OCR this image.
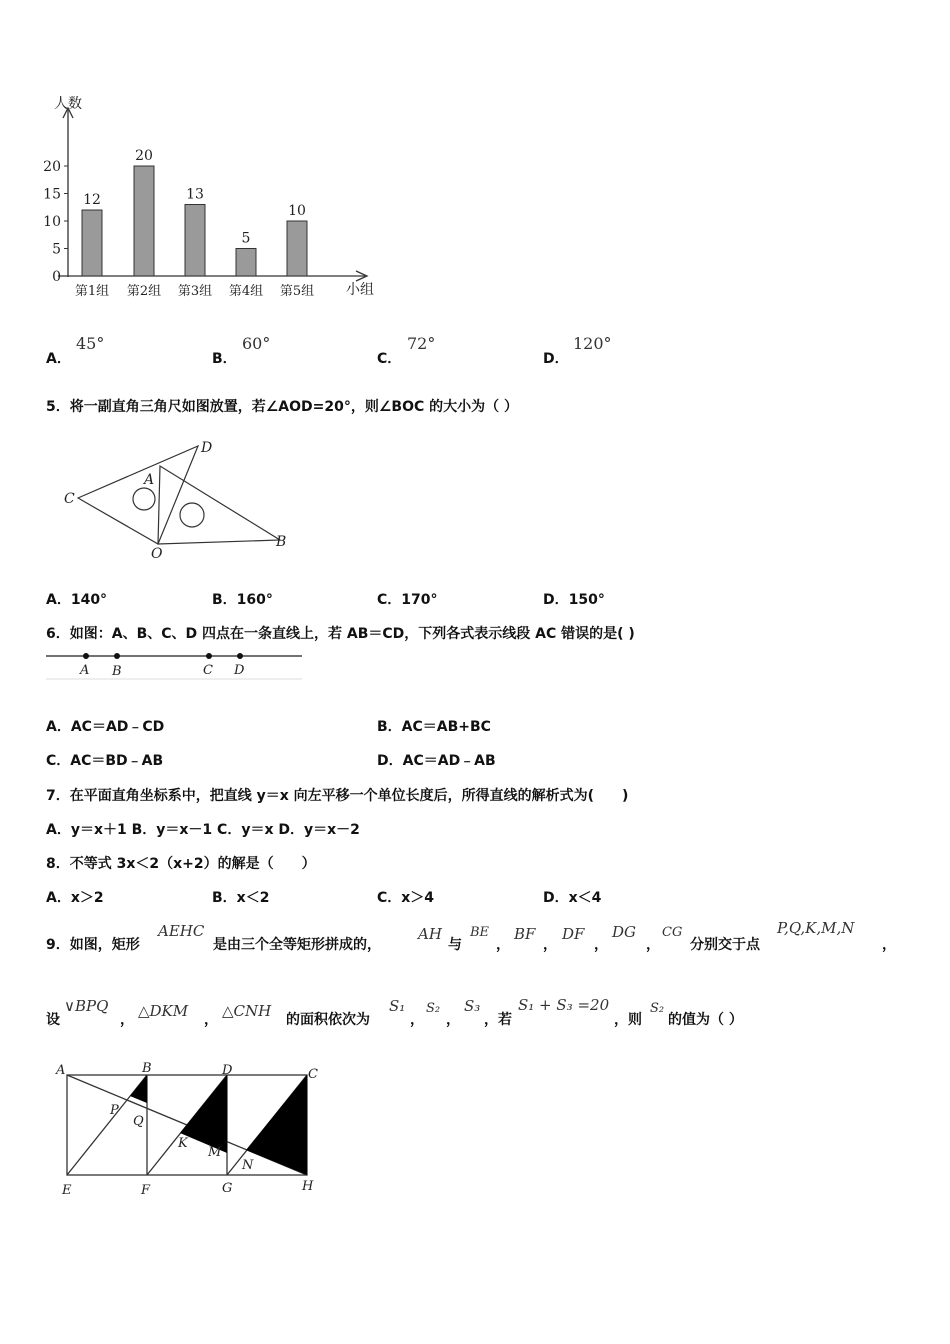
人数
小组
0
5
10
15
20
12
第1组
20
第2组
13
第3组
5
第4组
10
第5组
A．
45°
B．
60°
C．
72°
D．
120°
5．将一副直角三角尺如图放置，若∠AOD=20°，则∠BOC 的大小为（ ）
C
D
A
O
B
A．140°	B．160°	C．170°	D．150°
6．如图：A、B、C、D 四点在一条直线上，若 AB＝CD，下列各式表示线段 AC 错误的是( )
A B	C D
A．AC＝AD﹣CD	B．AC＝AB+BC
C．AC＝BD﹣AB	D．AC＝AD﹣AB
7．在平面直角坐标系中，把直线 y＝x 向左平移一个单位长度后，所得直线的解析式为(　　)
A．y＝x＋1 B．y＝x－1 C．y＝x D．y＝x－2
8．不等式 3x＜2（x+2）的解是（　　）
A．x＞2	B．x＜2	C．x＞4	D．x＜4
9．如图，矩形
AEHC
是由三个全等矩形拼成的，
AH
与
BE
，
BF
，
DF
，
DG
，
CG
分别交于点
P,Q,K,M,N
，
设
∨BPQ
， △DKM ， △CNH 的面积依次为
S₁
，
S₂
，
S₃
，若
S₁ + S₃ =20
，则
S₂
的值为（ ）
A	B	D	C
P
Q
K
M
N
E	F	G	H
